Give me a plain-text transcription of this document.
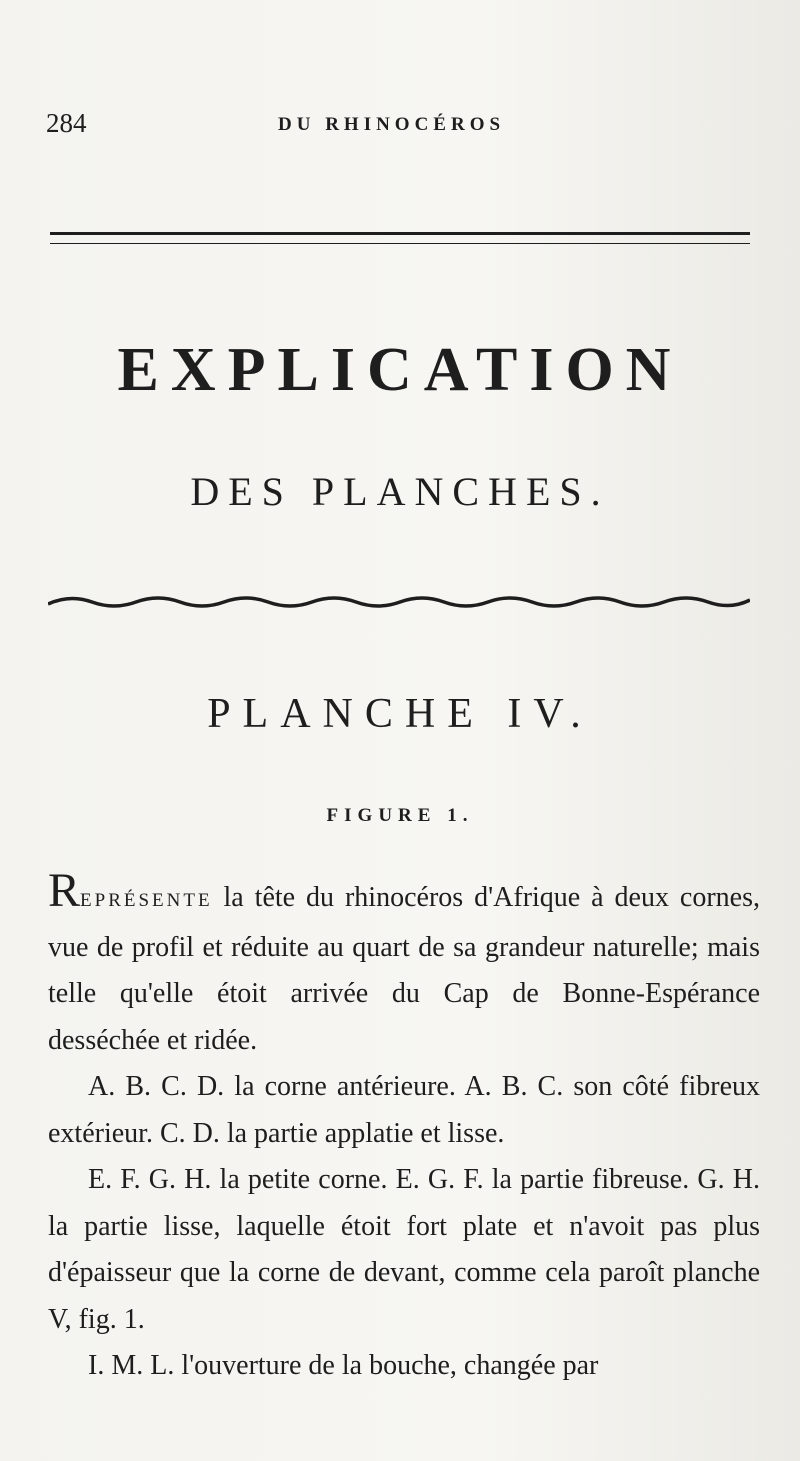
284	DU RHINOCÉROS
EXPLICATION
DES PLANCHES.
PLANCHE IV.
FIGURE 1.

REPRÉSENTE la tête du rhinocéros d'Afrique à deux cornes, vue de profil et réduite au quart de sa grandeur naturelle; mais telle qu'elle étoit arrivée du Cap de Bonne-Espérance desséchée et ridée.

A. B. C. D. la corne antérieure. A. B. C. son côté fibreux extérieur. C. D. la partie applatie et lisse.

E. F. G. H. la petite corne. E. G. F. la partie fibreuse. G. H. la partie lisse, laquelle étoit fort plate et n'avoit pas plus d'épaisseur que la corne de devant, comme cela paroît planche V, fig. 1.

I. M. L. l'ouverture de la bouche, changée par
